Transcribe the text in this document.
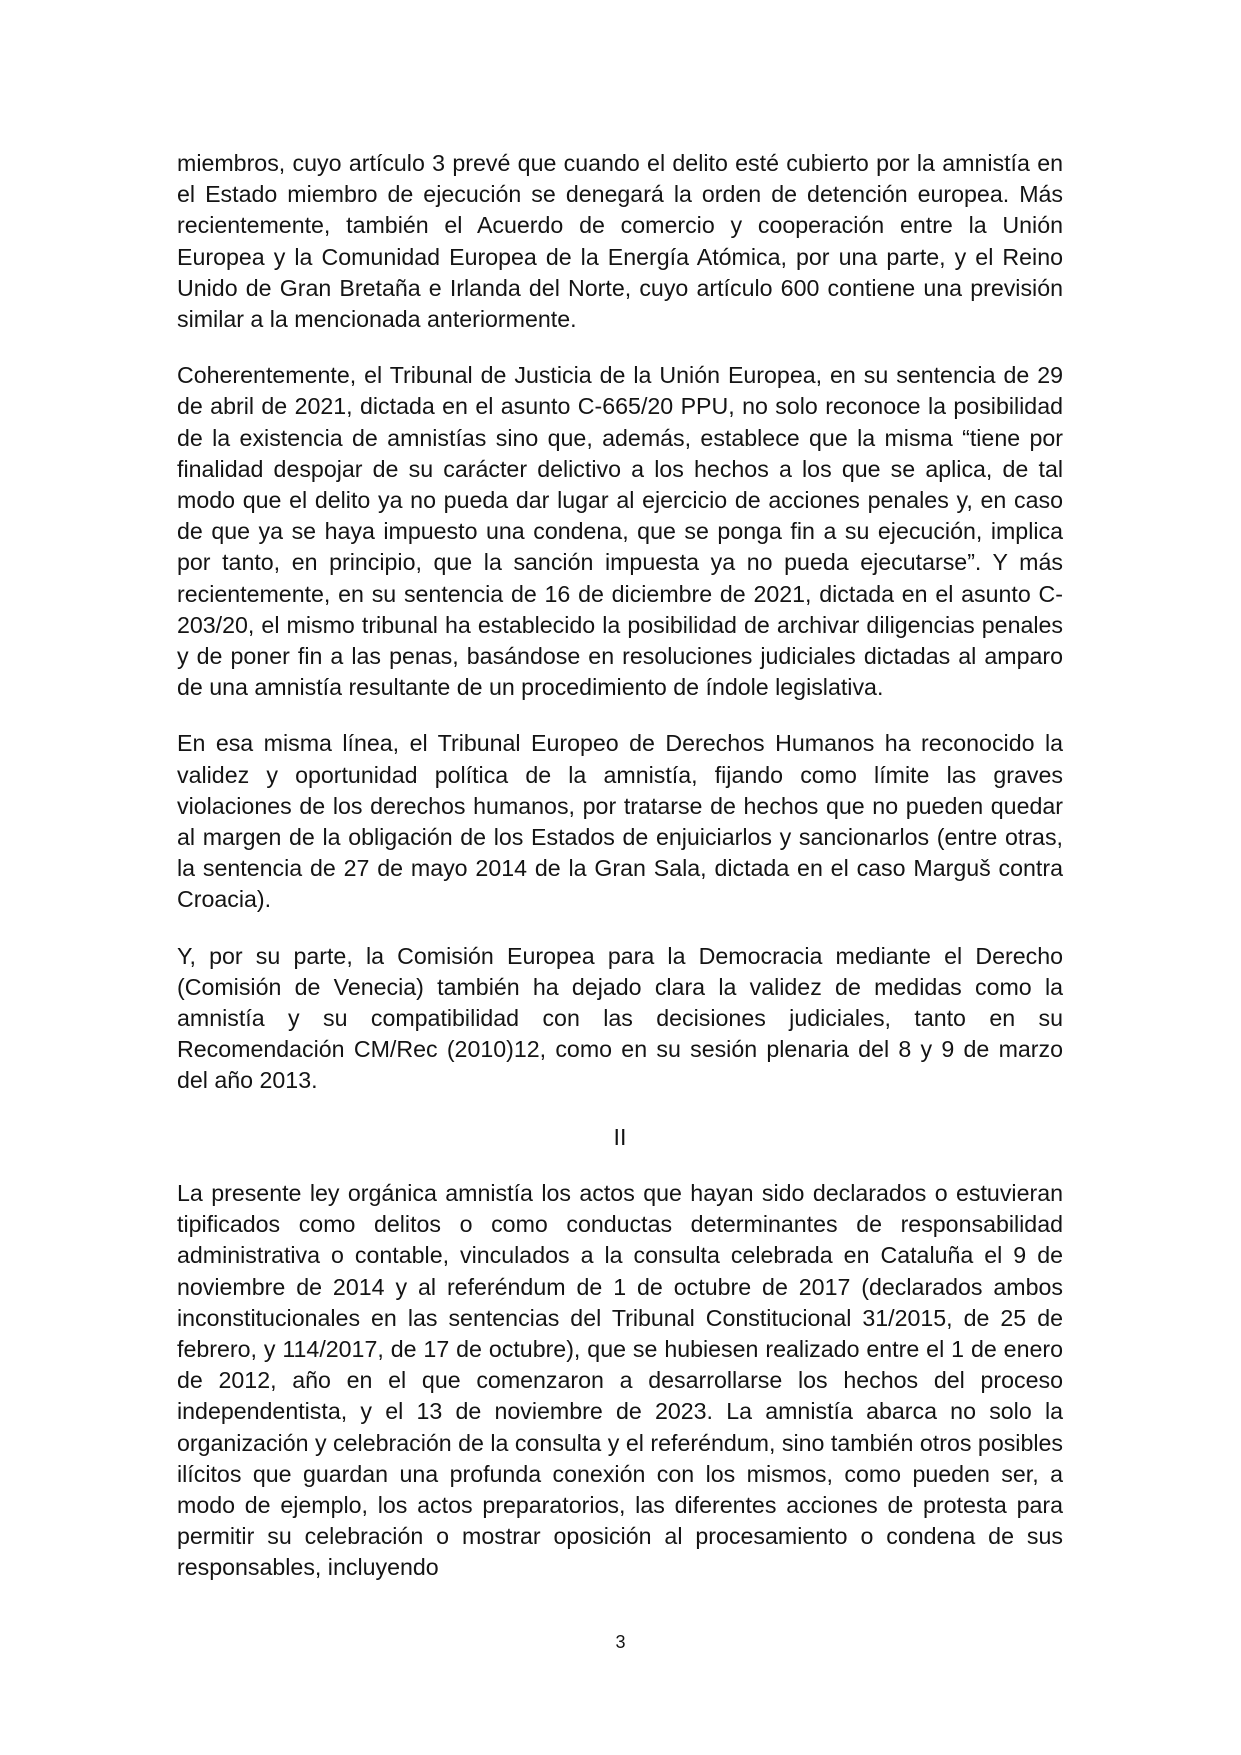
miembros, cuyo artículo 3 prevé que cuando el delito esté cubierto por la amnistía en el Estado miembro de ejecución se denegará la orden de detención europea. Más recientemente, también el Acuerdo de comercio y cooperación entre la Unión Europea y la Comunidad Europea de la Energía Atómica, por una parte, y el Reino Unido de Gran Bretaña e Irlanda del Norte, cuyo artículo 600 contiene una previsión similar a la mencionada anteriormente.

Coherentemente, el Tribunal de Justicia de la Unión Europea, en su sentencia de 29 de abril de 2021, dictada en el asunto C-665/20 PPU, no solo reconoce la posibilidad de la existencia de amnistías sino que, además, establece que la misma “tiene por finalidad despojar de su carácter delictivo a los hechos a los que se aplica, de tal modo que el delito ya no pueda dar lugar al ejercicio de acciones penales y, en caso de que ya se haya impuesto una condena, que se ponga fin a su ejecución, implica por tanto, en principio, que la sanción impuesta ya no pueda ejecutarse”. Y más recientemente, en su sentencia de 16 de diciembre de 2021, dictada en el asunto C-203/20, el mismo tribunal ha establecido la posibilidad de archivar diligencias penales y de poner fin a las penas, basándose en resoluciones judiciales dictadas al amparo de una amnistía resultante de un procedimiento de índole legislativa.

En esa misma línea, el Tribunal Europeo de Derechos Humanos ha reconocido la validez y oportunidad política de la amnistía, fijando como límite las graves violaciones de los derechos humanos, por tratarse de hechos que no pueden quedar al margen de la obligación de los Estados de enjuiciarlos y sancionarlos (entre otras, la sentencia de 27 de mayo 2014 de la Gran Sala, dictada en el caso Marguš contra Croacia).

Y, por su parte, la Comisión Europea para la Democracia mediante el Derecho (Comisión de Venecia) también ha dejado clara la validez de medidas como la amnistía y su compatibilidad con las decisiones judiciales, tanto en su Recomendación CM/Rec (2010)12, como en su sesión plenaria del 8 y 9 de marzo del año 2013.

II

La presente ley orgánica amnistía los actos que hayan sido declarados o estuvieran tipificados como delitos o como conductas determinantes de responsabilidad administrativa o contable, vinculados a la consulta celebrada en Cataluña el 9 de noviembre de 2014 y al referéndum de 1 de octubre de 2017 (declarados ambos inconstitucionales en las sentencias del Tribunal Constitucional 31/2015, de 25 de febrero, y 114/2017, de 17 de octubre), que se hubiesen realizado entre el 1 de enero de 2012, año en el que comenzaron a desarrollarse los hechos del proceso independentista, y el 13 de noviembre de 2023. La amnistía abarca no solo la organización y celebración de la consulta y el referéndum, sino también otros posibles ilícitos que guardan una profunda conexión con los mismos, como pueden ser, a modo de ejemplo, los actos preparatorios, las diferentes acciones de protesta para permitir su celebración o mostrar oposición al procesamiento o condena de sus responsables, incluyendo

3
